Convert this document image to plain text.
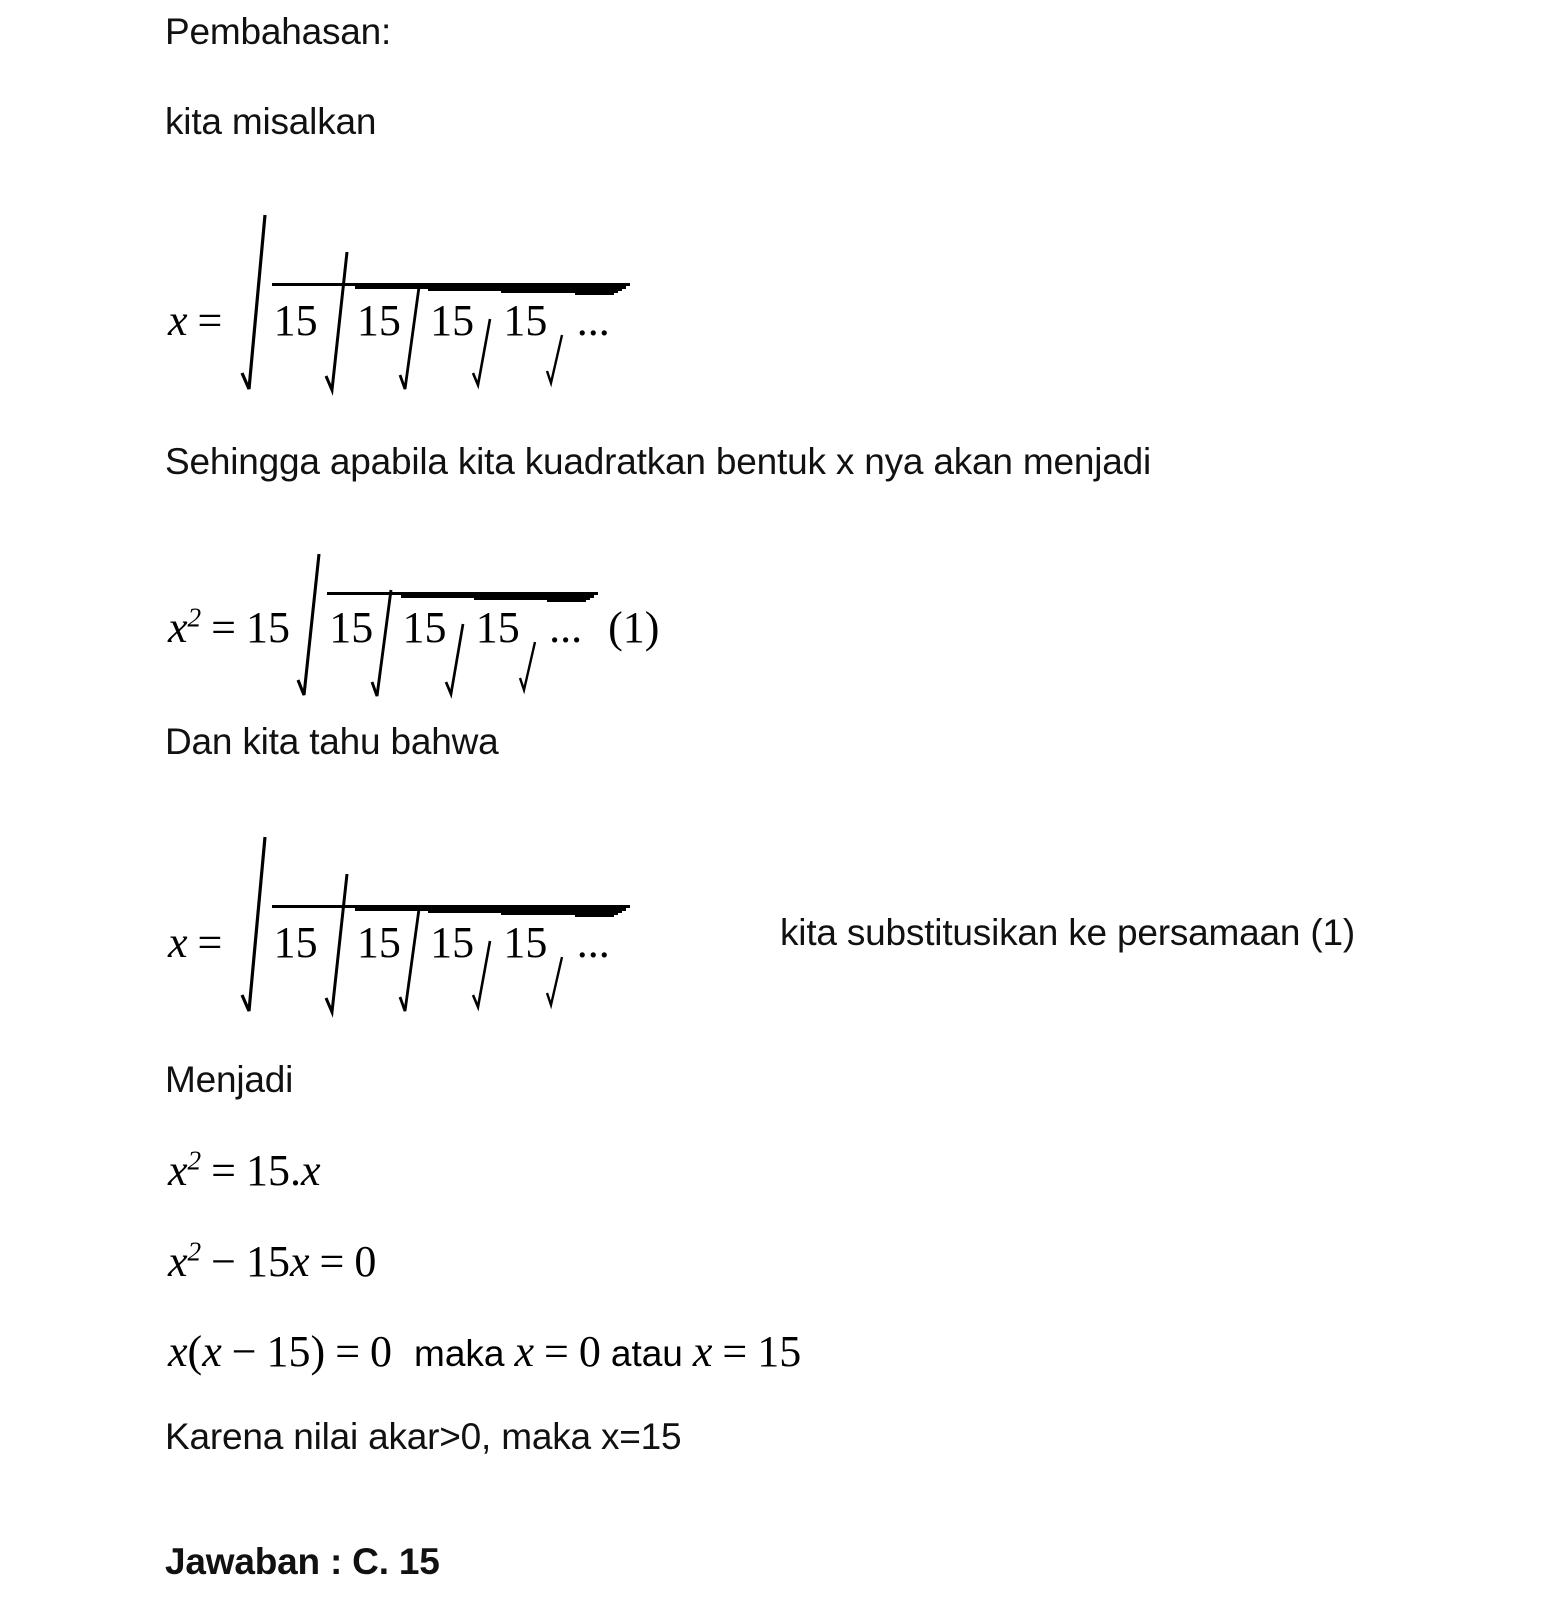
Pembahasan:
kita misalkan
x = 15 15 15 15 ...
Sehingga apabila kita kuadratkan bentuk x nya akan menjadi
$x^2 = 15$ 15 15 15 ... (1)
Dan kita tahu bahwa
x = 15 15 15 15 ...	kita substitusikan ke persamaan (1)
Menjadi
$x^2 = 15.x$
$x^2 - 15x = 0$
x(x − 15) = 0 maka x = 0 atau x = 15
Karena nilai akar>0, maka x=15
Jawaban : C. 15
